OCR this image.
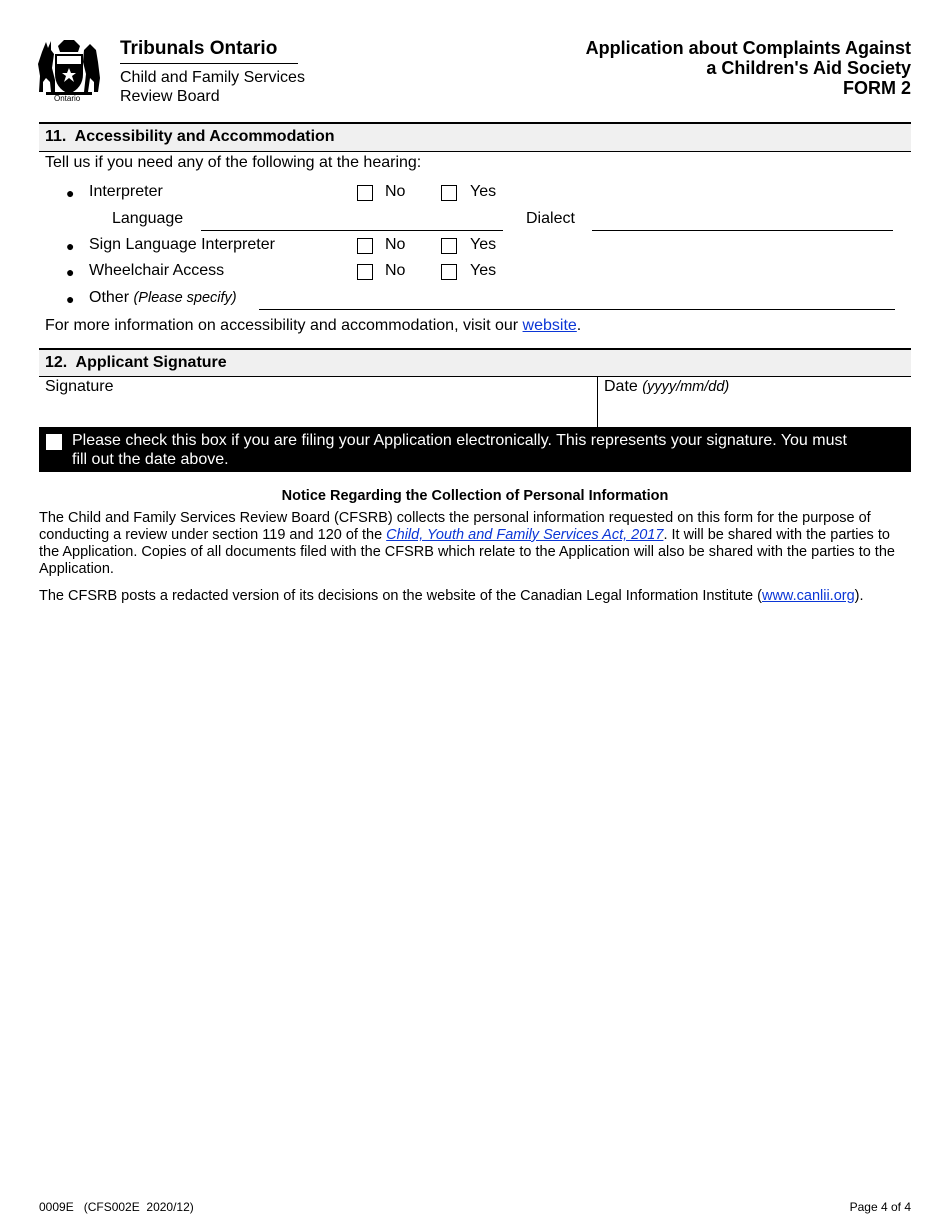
Ontario
Tribunals Ontario
Child and Family Services
Review Board
Application about Complaints Against
a Children's Aid Society
FORM 2
11. Accessibility and Accommodation
Tell us if you need any of the following at the hearing:
● Interpreter	No	Yes
Language	Dialect
● Sign Language Interpreter	No	Yes
● Wheelchair Access	No	Yes
● Other (Please specify)
For more information on accessibility and accommodation, visit our website.
12. Applicant Signature
Signature	Date (yyyy/mm/dd)
Please check this box if you are filing your Application electronically. This represents your signature. You must
fill out the date above.
Notice Regarding the Collection of Personal Information
The Child and Family Services Review Board (CFSRB) collects the personal information requested on this form for the purpose of conducting a review under section 119 and 120 of the Child, Youth and Family Services Act, 2017. It will be shared with the parties to the Application. Copies of all documents filed with the CFSRB which relate to the Application will also be shared with the parties to the Application.
The CFSRB posts a redacted version of its decisions on the website of the Canadian Legal Information Institute (www.canlii.org).
0009E   (CFS002E  2020/12)	Page 4 of 4
